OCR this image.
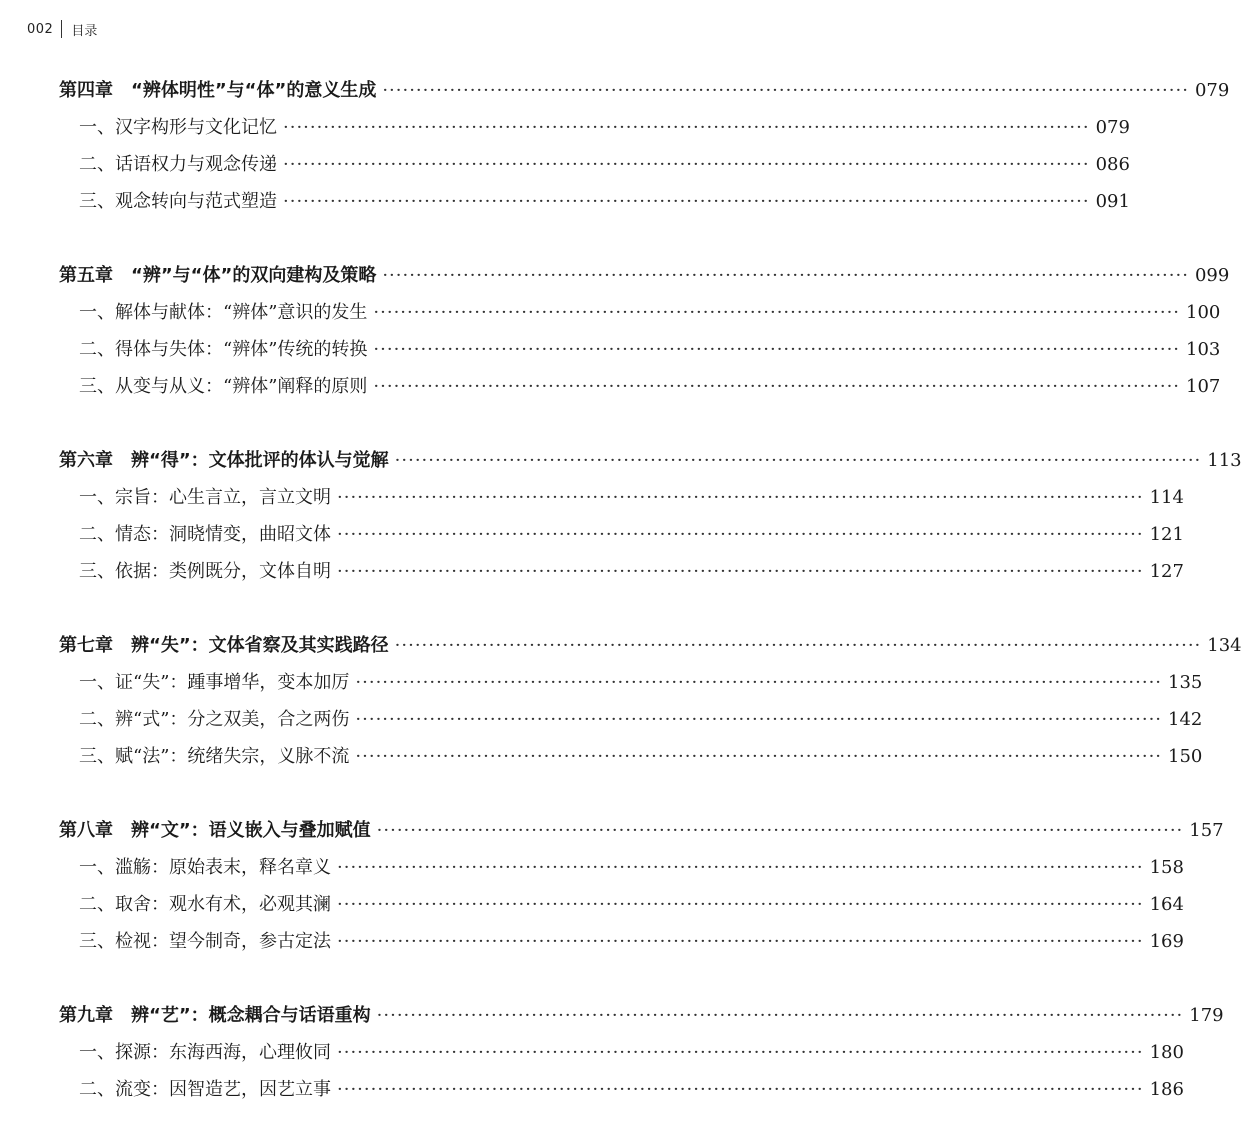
002 目录
第四章　“辨体明性”与“体”的意义生成 ························································································································ 079
一、汉字构形与文化记忆 ························································································································ 079
二、话语权力与观念传递 ························································································································ 086
三、观念转向与范式塑造 ························································································································ 091
第五章　“辨”与“体”的双向建构及策略 ························································································································ 099
一、解体与献体：“辨体”意识的发生 ························································································································ 100
二、得体与失体：“辨体”传统的转换 ························································································································ 103
三、从变与从义：“辨体”阐释的原则 ························································································································ 107
第六章　辨“得”：文体批评的体认与觉解 ························································································································ 113
一、宗旨：心生言立，言立文明 ························································································································ 114
二、情态：洞晓情变，曲昭文体 ························································································································ 121
三、依据：类例既分，文体自明 ························································································································ 127
第七章　辨“失”：文体省察及其实践路径 ························································································································ 134
一、证“失”：踵事增华，变本加厉 ························································································································ 135
二、辨“式”：分之双美，合之两伤 ························································································································ 142
三、赋“法”：统绪失宗，义脉不流 ························································································································ 150
第八章　辨“文”：语义嵌入与叠加赋值 ························································································································ 157
一、滥觞：原始表末，释名章义 ························································································································ 158
二、取舍：观水有术，必观其澜 ························································································································ 164
三、检视：望今制奇，参古定法 ························································································································ 169
第九章　辨“艺”：概念耦合与话语重构 ························································································································ 179
一、探源：东海西海，心理攸同 ························································································································ 180
二、流变：因智造艺，因艺立事 ························································································································ 186
